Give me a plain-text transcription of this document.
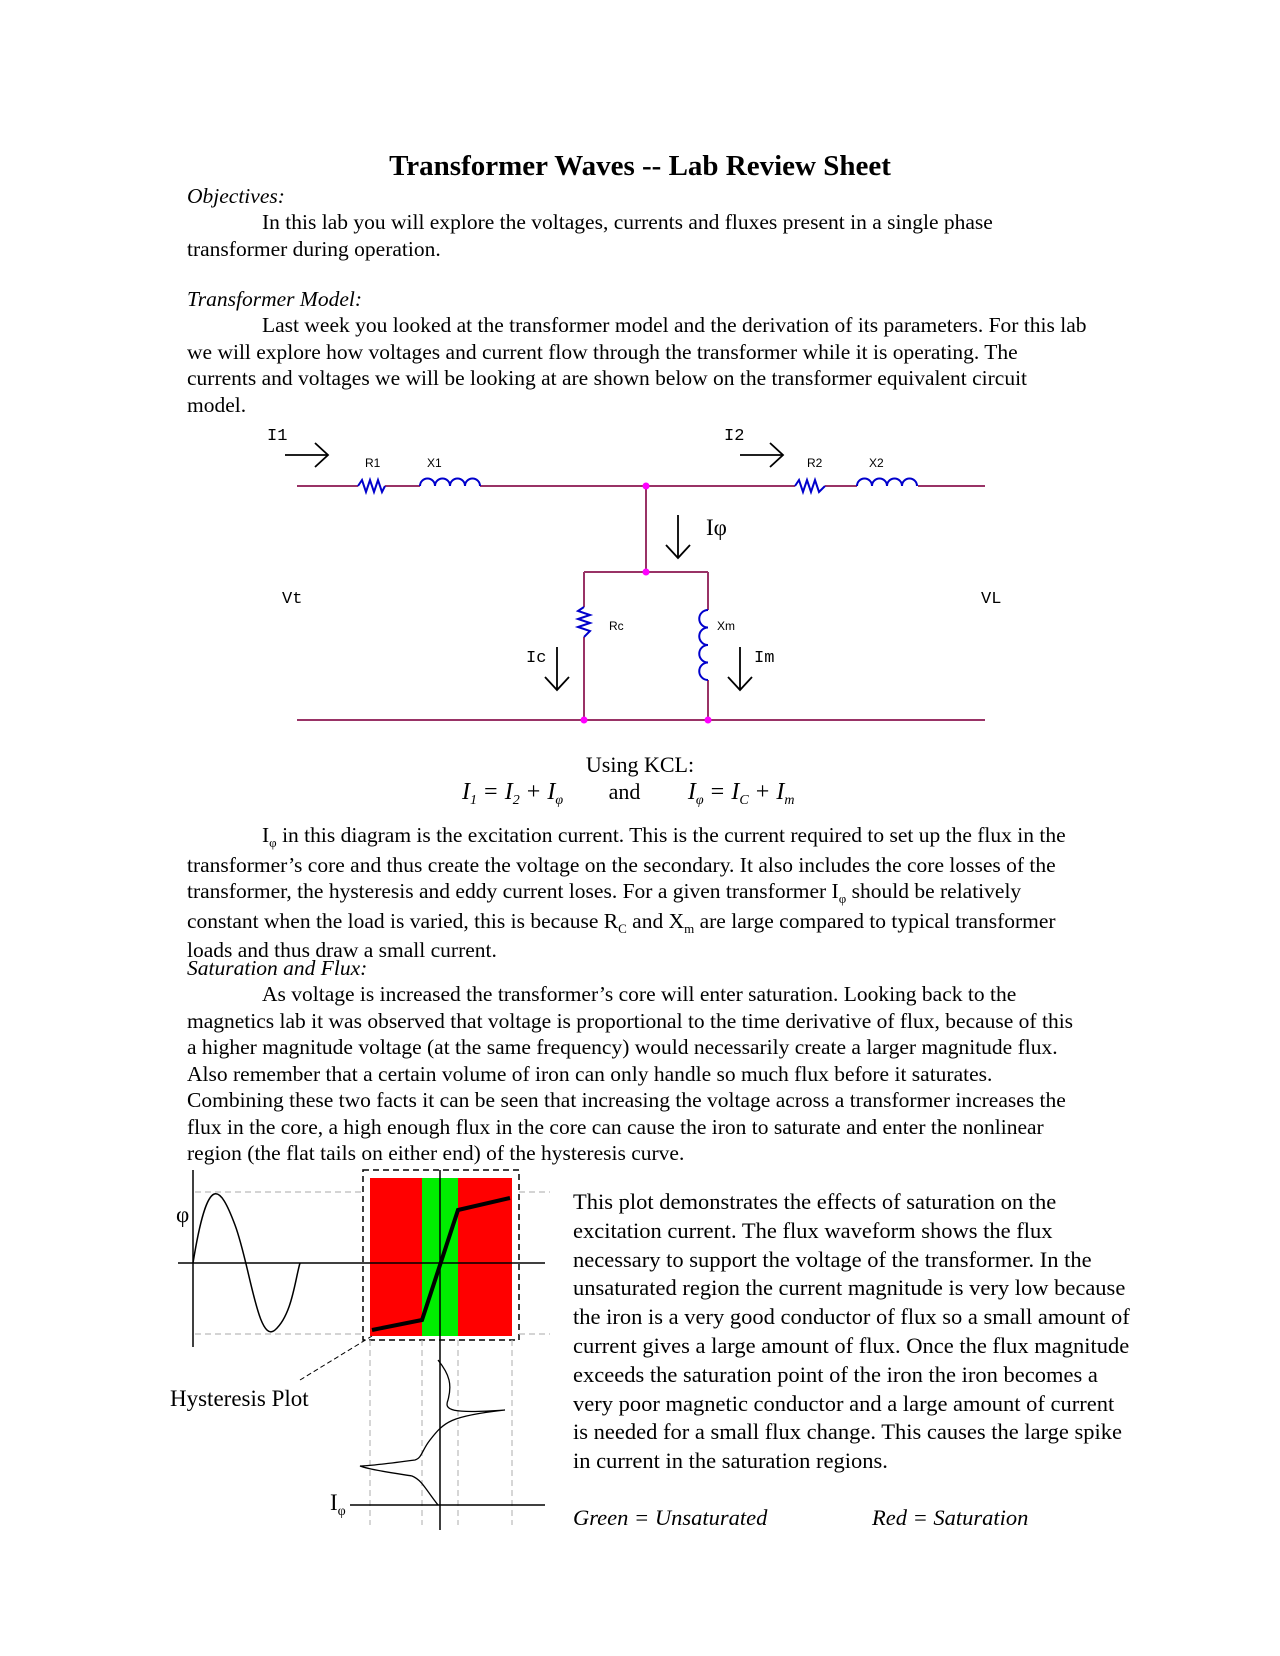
Transformer Waves -- Lab Review Sheet
Objectives:
In this lab you will explore the voltages, currents and fluxes present in a single phase transformer during operation.
Transformer Model:
Last week you looked at the transformer model and the derivation of its parameters. For this lab we will explore how voltages and current flow through the transformer while it is operating. The currents and voltages we will be looking at are shown below on the transformer equivalent circuit model.
I1	I2
R1	X1	R2	X2
Iφ
Vt	VL
Rc	Xm
Ic	Im
Using KCL:
$I_1 = I_2 + I_\varphi$ and $I_\varphi = I_C + I_m$
$I_\varphi$ in this diagram is the excitation current. This is the current required to set up the flux in the transformer’s core and thus create the voltage on the secondary. It also includes the core losses of the transformer, the hysteresis and eddy current loses. For a given transformer $I_\varphi$ should be relatively constant when the load is varied, this is because $R_C$ and $X_m$ are large compared to typical transformer loads and thus draw a small current.
Saturation and Flux:
As voltage is increased the transformer’s core will enter saturation. Looking back to the magnetics lab it was observed that voltage is proportional to the time derivative of flux, because of this a higher magnitude voltage (at the same frequency) would necessarily create a larger magnitude flux. Also remember that a certain volume of iron can only handle so much flux before it saturates. Combining these two facts it can be seen that increasing the voltage across a transformer increases the flux in the core, a high enough flux in the core can cause the iron to saturate and enter the nonlinear region (the flat tails on either end) of the hysteresis curve.
φ
Hysteresis Plot
$I_\varphi$
This plot demonstrates the effects of saturation on the excitation current. The flux waveform shows the flux necessary to support the voltage of the transformer. In the unsaturated region the current magnitude is very low because the iron is a very good conductor of flux so a small amount of current gives a large amount of flux. Once the flux magnitude exceeds the saturation point of the iron the iron becomes a very poor magnetic conductor and a large amount of current is needed for a small flux change. This causes the large spike in current in the saturation regions.
Green = Unsaturated	Red = Saturation
